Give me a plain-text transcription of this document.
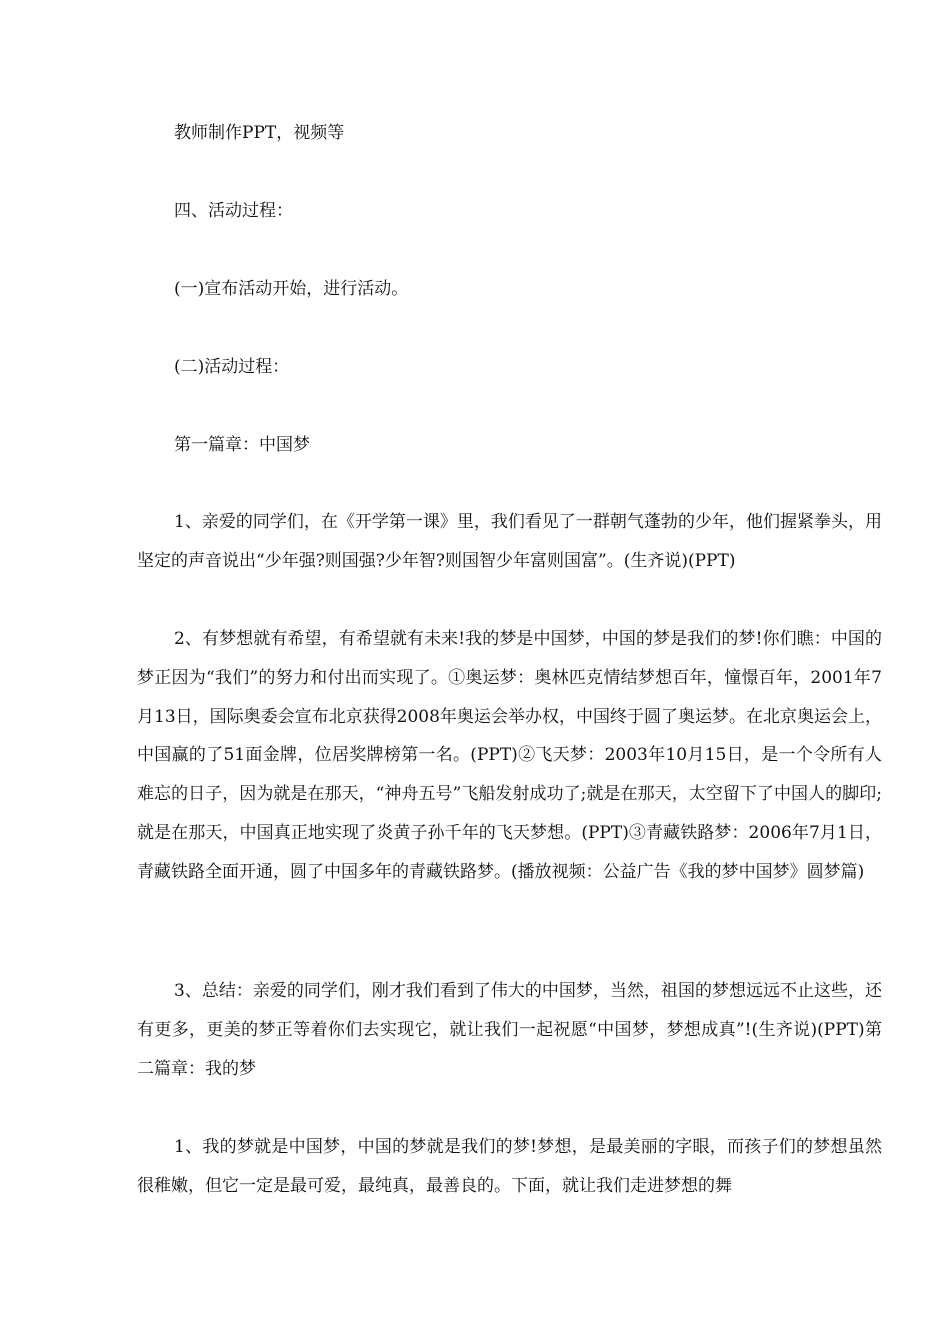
教师制作PPT，视频等
四、活动过程：
(一)宣布活动开始，进行活动。
(二)活动过程：
第一篇章：中国梦

1、亲爱的同学们，在《开学第一课》里，我们看见了一群朝气蓬勃的少年，他们握紧拳头，用坚定的声音说出“少年强?则国强?少年智?则国智少年富则国富”。(生齐说)(PPT)

2、有梦想就有希望，有希望就有未来!我的梦是中国梦，中国的梦是我们的梦!你们瞧：中国的梦正因为“我们”的努力和付出而实现了。①奥运梦：奥林匹克情结梦想百年，憧憬百年，2001年7月13日，国际奥委会宣布北京获得2008年奥运会举办权，中国终于圆了奥运梦。在北京奥运会上，中国赢的了51面金牌，位居奖牌榜第一名。(PPT)②飞天梦：2003年10月15日，是一个令所有人难忘的日子，因为就是在那天，“神舟五号”飞船发射成功了;就是在那天，太空留下了中国人的脚印;就是在那天，中国真正地实现了炎黄子孙千年的飞天梦想。(PPT)③青藏铁路梦：2006年7月1日，青藏铁路全面开通，圆了中国多年的青藏铁路梦。(播放视频：公益广告《我的梦中国梦》圆梦篇)

3、总结：亲爱的同学们，刚才我们看到了伟大的中国梦，当然，祖国的梦想远远不止这些，还有更多，更美的梦正等着你们去实现它，就让我们一起祝愿“中国梦，梦想成真”!(生齐说)(PPT)第二篇章：我的梦

1、我的梦就是中国梦，中国的梦就是我们的梦!梦想，是最美丽的字眼，而孩子们的梦想虽然很稚嫩，但它一定是最可爱，最纯真，最善良的。下面，就让我们走进梦想的舞
